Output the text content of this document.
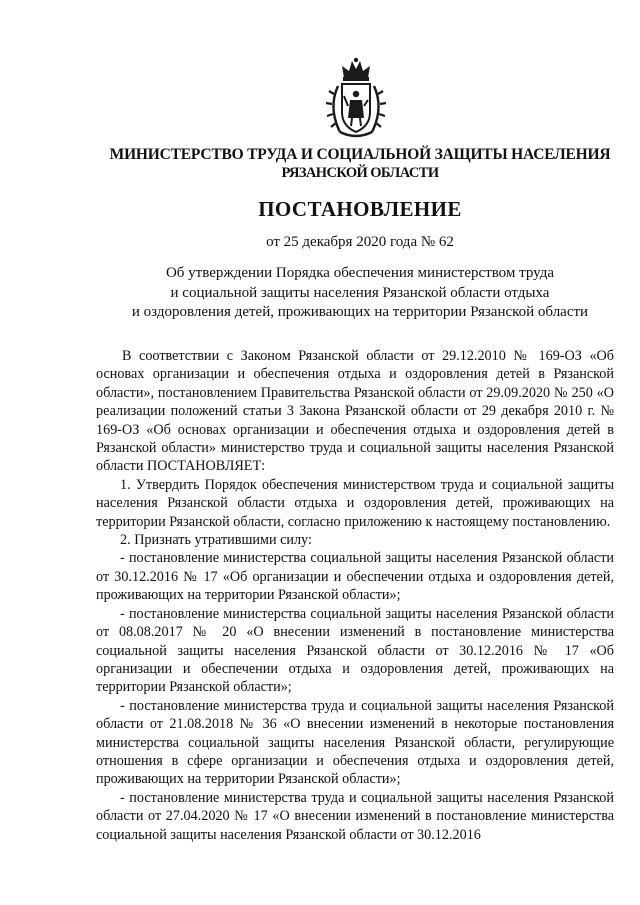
МИНИСТЕРСТВО ТРУДА И СОЦИАЛЬНОЙ ЗАЩИТЫ НАСЕЛЕНИЯ
РЯЗАНСКОЙ ОБЛАСТИ
ПОСТАНОВЛЕНИЕ
от 25 декабря 2020 года № 62
Об утверждении Порядка обеспечения министерством труда
и социальной защиты населения Рязанской области отдыха
и оздоровления детей, проживающих на территории Рязанской области

В соответствии с Законом Рязанской области от 29.12.2010 № 169-ОЗ «Об основах организации и обеспечения отдыха и оздоровления детей в Рязанской области», постановлением Правительства Рязанской области от 29.09.2020 № 250 «О реализации положений статьи 3 Закона Рязанской области от 29 декабря 2010 г. № 169-ОЗ «Об основах организации и обеспечения отдыха и оздоровления детей в Рязанской области» министерство труда и социальной защиты населения Рязанской области ПОСТАНОВЛЯЕТ:

1. Утвердить Порядок обеспечения министерством труда и социальной защиты населения Рязанской области отдыха и оздоровления детей, проживающих на территории Рязанской области, согласно приложению к настоящему постановлению.

2. Признать утратившими силу:

- постановление министерства социальной защиты населения Рязанской области от 30.12.2016 № 17 «Об организации и обеспечении отдыха и оздоровления детей, проживающих на территории Рязанской области»;

- постановление министерства социальной защиты населения Рязанской области от 08.08.2017 № 20 «О внесении изменений в постановление министерства социальной защиты населения Рязанской области от 30.12.2016 № 17 «Об организации и обеспечении отдыха и оздоровления детей, проживающих на территории Рязанской области»;

- постановление министерства труда и социальной защиты населения Рязанской области от 21.08.2018 № 36 «О внесении изменений в некоторые постановления министерства социальной защиты населения Рязанской области, регулирующие отношения в сфере организации и обеспечения отдыха и оздоровления детей, проживающих на территории Рязанской области»;

- постановление министерства труда и социальной защиты населения Рязанской области от 27.04.2020 № 17 «О внесении изменений в постановление министерства социальной защиты населения Рязанской области от 30.12.2016
